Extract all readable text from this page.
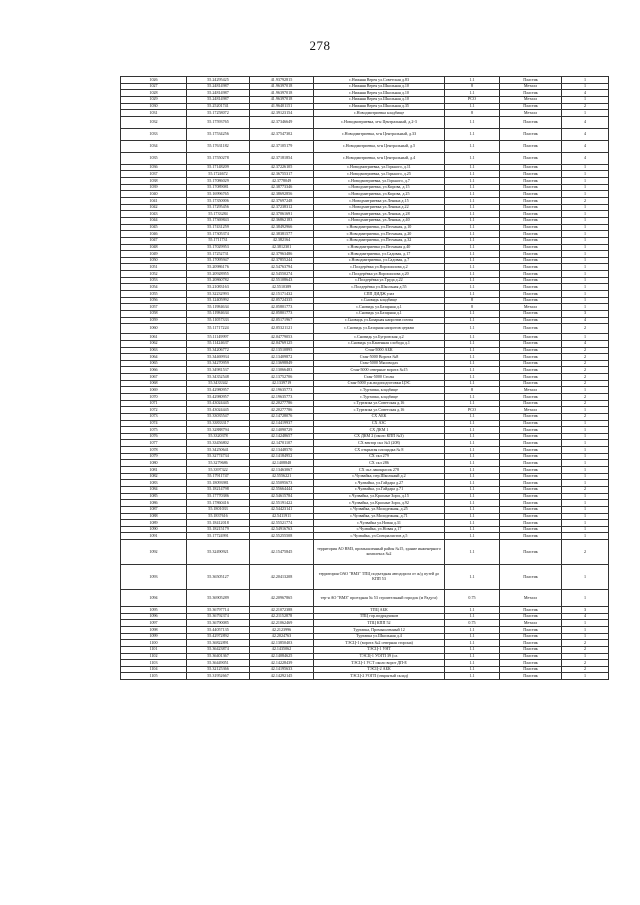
278
1026	55.24295425	41.93792815	с.Нижняя Верея ул.Советская д.83	1.1	Пластик	1
1027	55.24814987	41.96397018	с.Нижняя Верея ул.Школьная д.10	8	Металл	1
1028	55.24814987	41.96397018	с.Нижняя Верея ул.Школьная д.10	1.1	Пластик	4
1029	55.24814987	41.96397018	с.Нижняя Верея ул.Школьная д.10	PCO	Металл	1
1030	55.25201741	41.96401151	с.Нижняя Верея ул.Школьная д.35	1.1	Пластик	2
1031	55.17258072	42.39123154	с.Новодмитриевка кладбище	8	Металл	1
1032	55.17593765	42.37346649	с.Новодмитриевка, м-н Центральный, д.2-3	1.1	Пластик	4
1033	55.17534256	42.37547302	с.Новодмитриевка, м-н Центральный, д.33	1.1	Пластик	4
1034	55.17631182	42.37105179	с.Новодмитриевка, м-н Центральный, д.5	1.1	Пластик	4
1035	55.17550278	42.37181854	с.Новодмитриевка, м-н Центральный, д.4	1.1	Пластик	4
1036	55.17148209	42.37226105	с.Новодмитриевка, ул.Горького, д.11	1.1	Пластик	1
1037	55.1724672	42.36755317	с.Новодмитриевка, ул.Горького, д.25	1.1	Пластик	1
1038	55.17086029	42.3778049	с.Новодмитриевка, ул.Горького, д.7	1.1	Пластик	1
1039	55.17089081	42.38773346	с.Новодмитриевка, ул.Кирова, д.15	1.1	Пластик	1
1040	55.16996765	42.38692856	с.Новодмитриевка, ул.Кирова, д.25	1.1	Пластик	1
1041	55.17350006	42.37697248	с.Новодмитриевка ул.Ленина д.15	1.1	Пластик	2
1042	55.17295456	42.37238312	с.Новодмитриевка ул.Ленина д.22	1.1	Пластик	1
1043	55.1733284	42.37061691	с.Новодмитриевка, ул.Ленина, д.28	1.1	Пластик	1
1044	55.17369843	42.36862183	с.Новодмитриевка, ул.Ленина, д.40	1.1	Пластик	1
1045	55.17431259	42.38492966	с.Новодмитриевка, ул.Песчаная, д.10	1.1	Пластик	1
1046	55.17305374	42.38381577	с.Новодмитриевка, ул.Песчаная, д.20	1.1	Пластик	1
1047	55.1711731	42.382164	с.Новодмитриевка, ул.Песчаная, д.32	1.1	Пластик	1
1048	55.17029953	42.3812301	с.Новодмитриевка ул.Песчаная д.40	1.1	Пластик	1
1049	55.17252731	42.37963486	с.Новодмитриевка, ул.Садовая, д.17	1.1	Пластик	1
1050	55.17095947	42.37855244	с.Новодмитриевка, ул.Садовая, д.7	1.1	Пластик	1
1051	55.20986176	42.54763794	с.Полдерёвка ул.Ворошилова д.2	1.1	Пластик	1
1052	55.20928955	42.54550274	с.Полдерёвка ул.Ворошилова д.20	1.1	Пластик	1
1053	55.20860782	42.55108643	с.Полдерёвка ул.Труда д.22	1.1	Пластик	1
1054	55.21083163	42.5510389	с.Полдерёвка ул.Школьная д.55	1.1	Пластик	1
1055	55.32232993	42.15171432	СПП ДИДЖ улаз	1.1	Пластик	1
1056	55.12405992	42.05724335	с.Сновидь кладбище	8	Пластик	1
1057	55.11984634	42.05801773	с.Сновидь ул.Базарная д.1	8	Металл	1
1058	55.11984634	42.05801773	с.Сновидь ул.Базарная д.1	1.1	Пластик	3
1059	55.11057333	42.05171967	с.Сновидь ул.Базарная напротив почты	1.1	Пластик	4
1060	55.11717224	42.05321121	с.Сновидь ул.Базарная напротив церкви	1.1	Пластик	2
1061	55.11149997	42.04779053	с.Сновидь ул.Бугровская д.2	1.1	Пластик	1
1062	55.11424637	42.04769125	с.Сновидь ул.Каменная слобода д.1	1.1	Пластик	4
1063	55.34206772	42.13510895	Стан-5000 АБК	1.1	Пластик	2
1064	55.34469934	42.13409872	Стан-5000 Ворота №8	1.1	Пластик	2
1065	55.34270959	42.13698849	Стан-5000 Мясоводах	1.1	Пластик	2
1066	55.34981537	42.13066483	Стан-5000 северные ворота №15	1.1	Пластик	2
1067	55.34352548	42.13752706	Стан-5000 Столы	1.1	Пластик	2
1068	55.3433342	42.1339719	Стан-5000 у.ж.водоподготовки ЦЭС	1.1	Пластик	2
1069	55.42980957	42.19635773	с.Туртапка, кладбище	8	Металл	1
1070	55.42980957	42.19635773	с.Туртапка, кладбище	1.1	Пластик	2
1071	55.43024445	42.20277786	с.Туртапка ул.Советская д.16	1.1	Пластик	2
1072	55.43024445	42.20277786	с.Туртапка ул.Советская д.16	PCO	Металл	1
1073	55.33035547	42.14728076	СХ АБК	1.1	Пластик	2
1074	55.33833317	42.14419937	СХ АЗС	1.1	Пластик	1
1075	55.32888794	42.14090729	СХ ДКМ 1	1.1	Пластик	1
1076	55.3320378	42.14248657	СХ ДКМ 2 (около КПП №3)	1.1	Пластик	1
1077	55.33456802	42.14701107	СХ вектор скл №3 (208)	1.1	Пластик	1
1078	55.34250641	42.13448570	СХ открытая площадка № 8	1.1	Пластик	1
1079	55.32774734	42.14184952	СХ скл 279	1.1	Пластик	1
1080	55.3279686	42.1408848	СХ скл 286	1.1	Пластик	1
1081	55.3397322	42.13463067	СХ скл лакокрасок 278	1.1	Пластик	1
1082	55.17911747	42.5556221	с.Чулвайка, пер.Школьный д.2	1.1	Пластик	1
1083	55.18093981	42.55095673	с.Чулвайка, ул.Гайдара д.27	1.1	Пластик	1
1084	55.18214798	42.55664444	с.Чулвайка, ул.Гайдара д.71	1.1	Пластик	2
1085	55.17770386	42.54615784	с.Чулвайка, ул.Красные Зори, д.15	1.1	Пластик	1
1086	55.17860416	42.55191422	с.Чулвайка, ул.Красные Зори, д.92	1.1	Пластик	1
1087	55.1801033	42.54423141	с.Чулвайка, ул.Молодежная, д.25	1.1	Пластик	1
1088	55.1837616	42.5411911	с.Чулвайка, ул.Молодежная, д.71	1.1	Пластик	1
1089	55.18412018	42.55521774	с.Чулвайка ул.Новая д.31	1.1	Пластик	1
1090	55.18215179	42.54916763	с.Чулвайка, ул.Новая д.17	1.1	Пластик	1
1091	55.17724991	42.55255508	с.Чулвайка, ул.Специалистов д.5	1.1	Пластик	1
1092	55.32490921	42.15475845	территория АО ВМЗ, промышленный район №15, здание инженерного комплекса №2	1.1	Пластик	2
1093	55.36505127	42.20413208	территория ОАО "ВМЗ" ТПЦ подъездная автодорога от ж/д путей до КПП 53	1.1	Пластик	1
1094	55.36905289	42.20967865	тер-я АО "ВМЗ" проездная № 53 строительный городок (м Радуга)	0.75	Металл	1
1095	55.36797714	42.21072388	ТПЦ АБК	1.1	Пластик	3
1096	55.36792374	42.21152878	ТПЦ гор.подрядчиков	1.1	Пластик	4
1097	55.36790085	42.21062469	ТПЦ КПП 52	0.75	Металл	1
1098	55.44057135	42.2123996	Туртапка, Промышленный 12	1.1	Пластик	1
1099	55.42972892	42.2024763	Туртапка ул.Школьная д.4	1.1	Пластик	1
1100	55.36822891	42.13850403	ТЭСЦ-1 (ворота №2 северная сторона)	1.1	Пластик	2
1101	55.36423874	42.1435062	ТЭСЦ-1 УНТ	1.1	Пластик	2
1102	55.36401367	42.14084625	ТЭСЦ-1 УОГП 39 (сл.	1.1	Пластик	1
1103	55.36449051	42.14228439	ТЭСЦ-1 УСТ около ворот ДП-Е	1.1	Пластик	2
1104	55.32125366	42.14195633	ТЭСЦ-2 АБК	1.1	Пластик	2
1105	55.31952667	42.14292145	ТЭСЦ-2 УОГП (открытый склад)	1.1	Пластик	1
